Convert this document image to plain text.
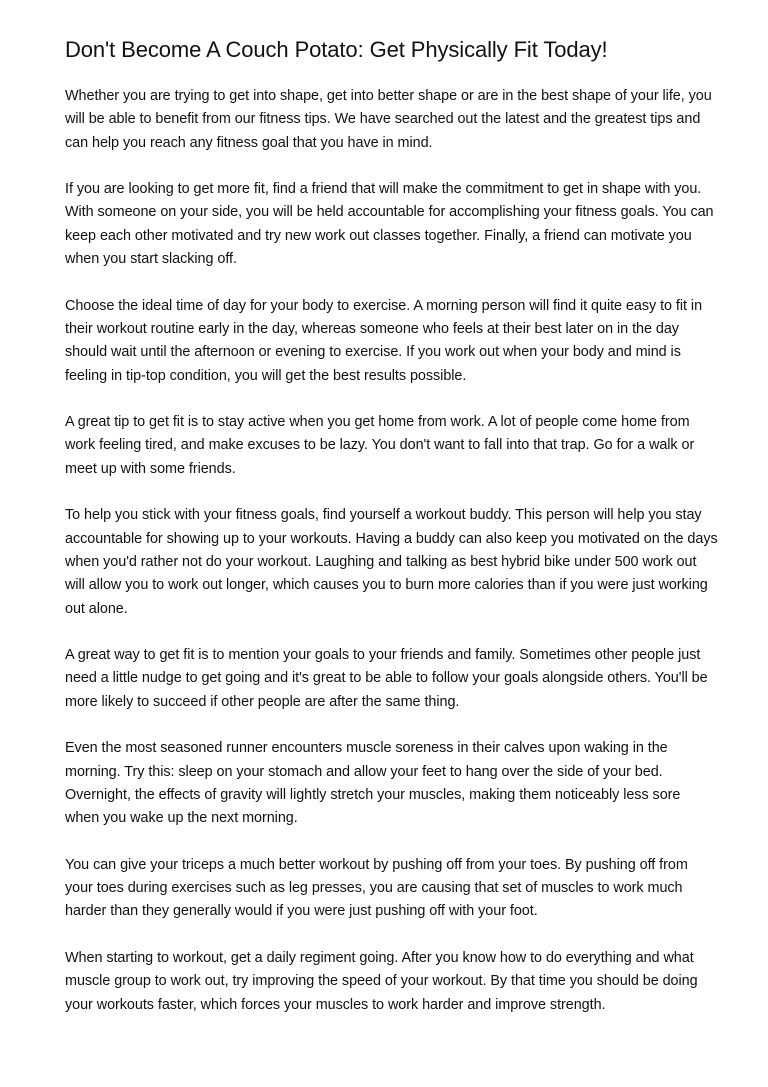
Don't Become A Couch Potato: Get Physically Fit Today!

Whether you are trying to get into shape, get into better shape or are in the best shape of your life, you will be able to benefit from our fitness tips. We have searched out the latest and the greatest tips and can help you reach any fitness goal that you have in mind.

If you are looking to get more fit, find a friend that will make the commitment to get in shape with you. With someone on your side, you will be held accountable for accomplishing your fitness goals. You can keep each other motivated and try new work out classes together. Finally, a friend can motivate you when you start slacking off.

Choose the ideal time of day for your body to exercise. A morning person will find it quite easy to fit in their workout routine early in the day, whereas someone who feels at their best later on in the day should wait until the afternoon or evening to exercise. If you work out when your body and mind is feeling in tip-top condition, you will get the best results possible.

A great tip to get fit is to stay active when you get home from work. A lot of people come home from work feeling tired, and make excuses to be lazy. You don't want to fall into that trap. Go for a walk or meet up with some friends.

To help you stick with your fitness goals, find yourself a workout buddy. This person will help you stay accountable for showing up to your workouts. Having a buddy can also keep you motivated on the days when you'd rather not do your workout. Laughing and talking as best hybrid bike under 500 work out will allow you to work out longer, which causes you to burn more calories than if you were just working out alone.

A great way to get fit is to mention your goals to your friends and family. Sometimes other people just need a little nudge to get going and it's great to be able to follow your goals alongside others. You'll be more likely to succeed if other people are after the same thing.

Even the most seasoned runner encounters muscle soreness in their calves upon waking in the morning. Try this: sleep on your stomach and allow your feet to hang over the side of your bed. Overnight, the effects of gravity will lightly stretch your muscles, making them noticeably less sore when you wake up the next morning.

You can give your triceps a much better workout by pushing off from your toes. By pushing off from your toes during exercises such as leg presses, you are causing that set of muscles to work much harder than they generally would if you were just pushing off with your foot.

When starting to workout, get a daily regiment going. After you know how to do everything and what muscle group to work out, try improving the speed of your workout. By that time you should be doing your workouts faster, which forces your muscles to work harder and improve strength.
